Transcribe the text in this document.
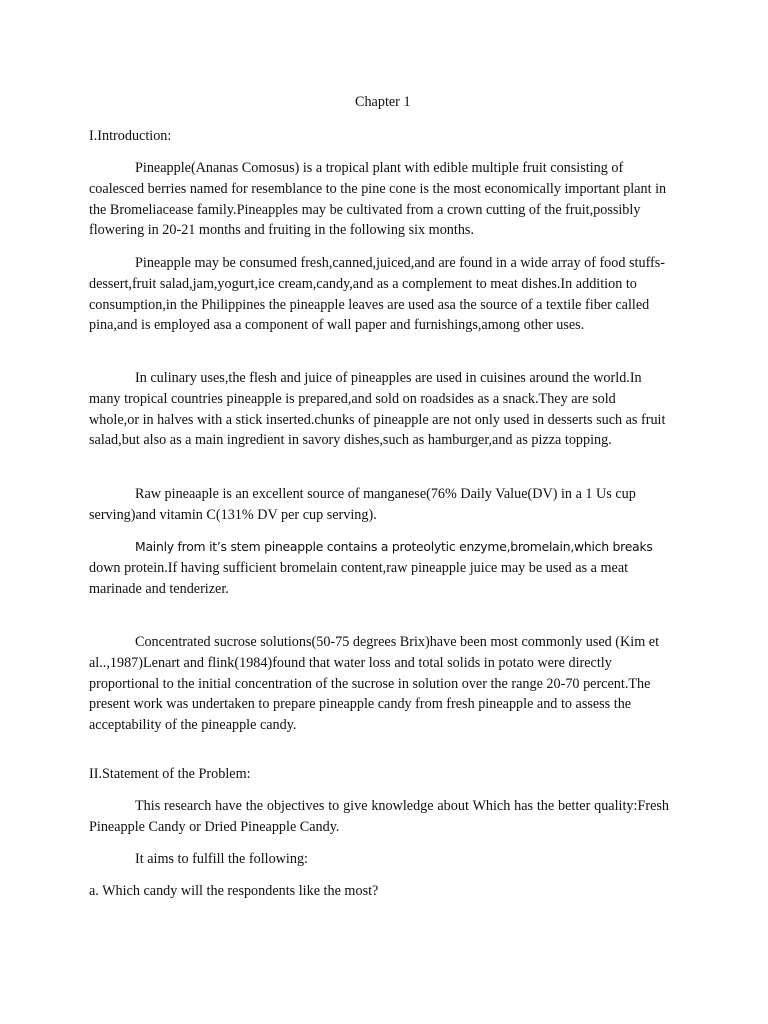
Chapter 1
I.Introduction:

Pineapple(Ananas Comosus) is a tropical plant with edible multiple fruit consisting of coalesced berries named for resemblance to the pine cone is the most economically important plant in the Bromeliacease family.Pineapples may be cultivated from a crown cutting of the fruit,possibly flowering in 20-21 months and fruiting in the following six months.

Pineapple may be consumed fresh,canned,juiced,and are found in a wide array of food stuffs-dessert,fruit salad,jam,yogurt,ice cream,candy,and as a complement to meat dishes.In addition to consumption,in the Philippines the pineapple leaves are used asa the source of a textile fiber called pina,and is employed asa a component of wall paper and furnishings,among other uses.

In culinary uses,the flesh and juice of pineapples are used in cuisines around the world.In many tropical countries pineapple is prepared,and sold on roadsides as a snack.They are sold whole,or in halves with a stick inserted.chunks of pineapple are not only used in desserts such as fruit salad,but also as a main ingredient in savory dishes,such as hamburger,and as pizza topping.

Raw pineaaple is an excellent source of manganese(76% Daily Value(DV) in a 1 Us cup serving)and vitamin C(131% DV per cup serving).

Mainly from it’s stem pineapple contains a proteolytic enzyme,bromelain,which breaks
down protein.If having sufficient bromelain content,raw pineapple juice may be used as a meat marinade and tenderizer.

Concentrated sucrose solutions(50-75 degrees Brix)have been most commonly used (Kim et al..,1987)Lenart and flink(1984)found that water loss and total solids in potato were directly proportional to the initial concentration of the sucrose in solution over the range 20-70 percent.The present work was undertaken to prepare pineapple candy from fresh pineapple and to assess the acceptability of the pineapple candy.

II.Statement of the Problem:

This research have the objectives to give knowledge about Which has the better quality:Fresh Pineapple Candy or Dried Pineapple Candy.

It aims to fulfill the following:
a. Which candy will the respondents like the most?
